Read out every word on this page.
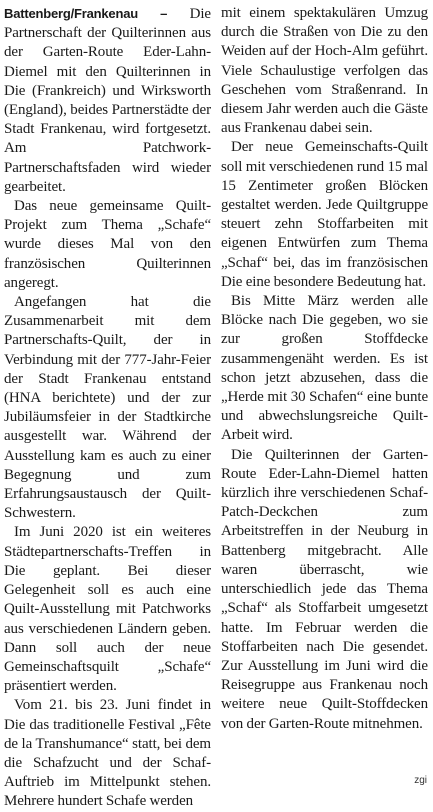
Battenberg/Frankenau – Die Partnerschaft der Quilterinnen aus der Garten-Route Eder-Lahn-Diemel mit den Quilterinnen in Die (Frankreich) und Wirksworth (England), beides Partnerstädte der Stadt Frankenau, wird fortgesetzt. Am Patchwork-Partnerschaftsfaden wird wieder gearbeitet.

Das neue gemeinsame Quilt-Projekt zum Thema „Schafe“ wurde dieses Mal von den französischen Quilterinnen angeregt.

Angefangen hat die Zusammenarbeit mit dem Partnerschafts-Quilt, der in Verbindung mit der 777-Jahr-Feier der Stadt Frankenau entstand (HNA berichtete) und der zur Jubiläumsfeier in der Stadtkirche ausgestellt war. Während der Ausstellung kam es auch zu einer Begegnung und zum Erfahrungsaustausch der Quilt-Schwestern.

Im Juni 2020 ist ein weiteres Städtepartnerschafts-Treffen in Die geplant. Bei dieser Gelegenheit soll es auch eine Quilt-Ausstellung mit Patchworks aus verschiedenen Ländern geben. Dann soll auch der neue Gemeinschaftsquilt „Schafe“ präsentiert werden.

Vom 21. bis 23. Juni findet in Die das traditionelle Festival „Fête de la Transhumance“ statt, bei dem die Schafzucht und der Schaf-Auftrieb im Mittelpunkt stehen. Mehrere hundert Schafe werden

mit einem spektakulären Umzug durch die Straßen von Die zu den Weiden auf der Hoch-Alm geführt. Viele Schaulustige verfolgen das Geschehen vom Straßenrand. In diesem Jahr werden auch die Gäste aus Frankenau dabei sein.

Der neue Gemeinschafts-Quilt soll mit verschiedenen rund 15 mal 15 Zentimeter großen Blöcken gestaltet werden. Jede Quiltgruppe steuert zehn Stoffarbeiten mit eigenen Entwürfen zum Thema „Schaf“ bei, das im französischen Die eine besondere Bedeutung hat.

Bis Mitte März werden alle Blöcke nach Die gegeben, wo sie zur großen Stoffdecke zusammengenäht werden. Es ist schon jetzt abzusehen, dass die „Herde mit 30 Schafen“ eine bunte und abwechslungsreiche Quilt-Arbeit wird.

Die Quilterinnen der Garten-Route Eder-Lahn-Diemel hatten kürzlich ihre verschiedenen Schaf-Patch-Deckchen zum Arbeitstreffen in der Neuburg in Battenberg mitgebracht. Alle waren überrascht, wie unterschiedlich jede das Thema „Schaf“ als Stoffarbeit umgesetzt hatte. Im Februar werden die Stoffarbeiten nach Die gesendet. Zur Ausstellung im Juni wird die Reisegruppe aus Frankenau noch weitere neue Quilt-Stoffdecken von der Garten-Route mitnehmen.

zgi
